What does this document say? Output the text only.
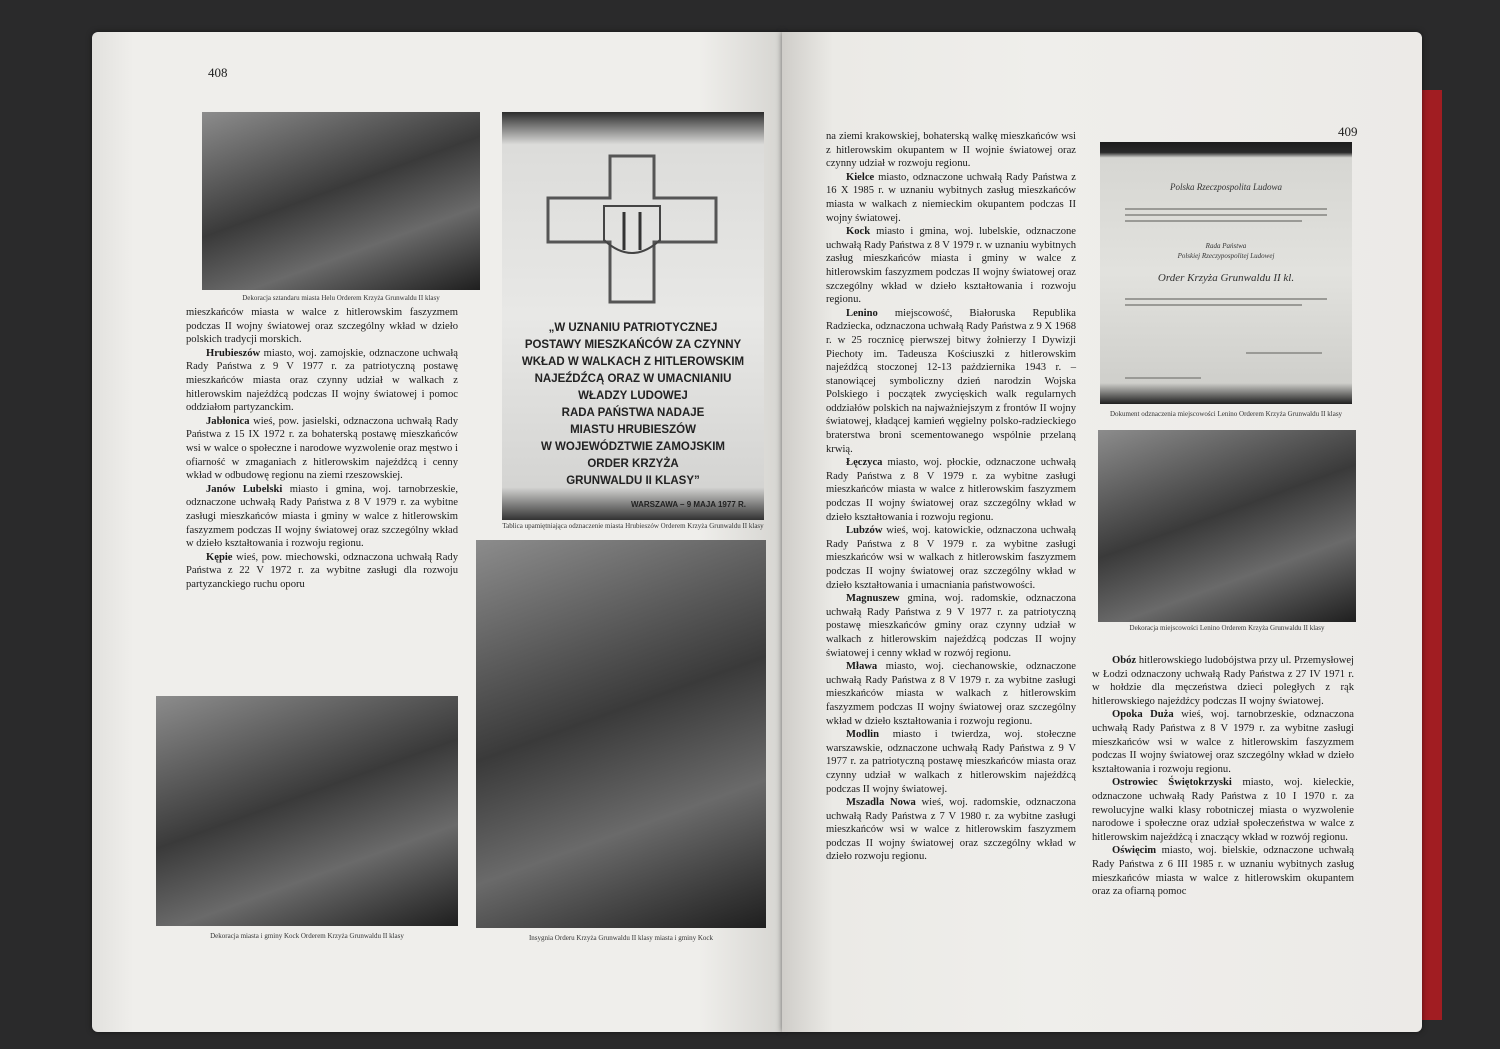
408
Dekoracja sztandaru miasta Helu Orderem Krzyża Grunwaldu II klasy
„W UZNANIU PATRIOTYCZNEJ
POSTAWY MIESZKAŃCÓW ZA CZYNNY
WKŁAD W WALKACH Z HITLEROWSKIM
NAJEŹDŹCĄ ORAZ W UMACNIANIU
WŁADZY LUDOWEJ
RADA PAŃSTWA NADAJE
MIASTU HRUBIESZÓW
W WOJEWÓDZTWIE ZAMOJSKIM
ORDER KRZYŻA
GRUNWALDU II KLASY”
WARSZAWA – 9 MAJA 1977 R.
Tablica upamiętniająca odznaczenie miasta Hrubieszów Orderem Krzyża Grunwaldu II klasy
Dekoracja miasta i gminy Kock Orderem Krzyża Grunwaldu II klasy	Insygnia Orderu Krzyża Grunwaldu II klasy miasta i gminy Kock

mieszkańców miasta w walce z hitlerowskim faszyzmem podczas II wojny światowej oraz szczególny wkład w dzieło polskich tradycji morskich.

Hrubieszów miasto, woj. zamojskie, odznaczone uchwałą Rady Państwa z 9 V 1977 r. za patriotyczną postawę mieszkańców miasta oraz czynny udział w walkach z hitlerowskim najeźdźcą podczas II wojny światowej i pomoc oddziałom partyzanckim.

Jabłonica wieś, pow. jasielski, odznaczona uchwałą Rady Państwa z 15 IX 1972 r. za bohaterską postawę mieszkańców wsi w walce o społeczne i narodowe wyzwolenie oraz męstwo i ofiarność w zmaganiach z hitlerowskim najeźdźcą i cenny wkład w odbudowę regionu na ziemi rzeszowskiej.

Janów Lubelski miasto i gmina, woj. tarnobrzeskie, odznaczone uchwałą Rady Państwa z 8 V 1979 r. za wybitne zasługi mieszkańców miasta i gminy w walce z hitlerowskim faszyzmem podczas II wojny światowej oraz szczególny wkład w dzieło kształtowania i rozwoju regionu.

Kępie wieś, pow. miechowski, odznaczona uchwałą Rady Państwa z 22 V 1972 r. za wybitne zasługi dla rozwoju partyzanckiego ruchu oporu

409

na ziemi krakowskiej, bohaterską walkę mieszkańców wsi z hitlerowskim okupantem w II wojnie światowej oraz czynny udział w rozwoju regionu.

Kielce miasto, odznaczone uchwałą Rady Państwa z 16 X 1985 r. w uznaniu wybitnych zasług mieszkańców miasta w walkach z niemieckim okupantem podczas II wojny światowej.

Kock miasto i gmina, woj. lubelskie, odznaczone uchwałą Rady Państwa z 8 V 1979 r. w uznaniu wybitnych zasług mieszkańców miasta i gminy w walce z hitlerowskim faszyzmem podczas II wojny światowej oraz szczególny wkład w dzieło kształtowania i rozwoju regionu.

Lenino miejscowość, Białoruska Republika Radziecka, odznaczona uchwałą Rady Państwa z 9 X 1968 r. w 25 rocznicę pierwszej bitwy żołnierzy I Dywizji Piechoty im. Tadeusza Kościuszki z hitlerowskim najeźdźcą stoczonej 12-13 października 1943 r. – stanowiącej symboliczny dzień narodzin Wojska Polskiego i początek zwycięskich walk regularnych oddziałów polskich na najważniejszym z frontów II wojny światowej, kładącej kamień węgielny polsko-radzieckiego braterstwa broni scementowanego wspólnie przelaną krwią.

Łęczyca miasto, woj. płockie, odznaczone uchwałą Rady Państwa z 8 V 1979 r. za wybitne zasługi mieszkańców miasta w walce z hitlerowskim faszyzmem podczas II wojny światowej oraz szczególny wkład w dzieło kształtowania i rozwoju regionu.

Lubzów wieś, woj. katowickie, odznaczona uchwałą Rady Państwa z 8 V 1979 r. za wybitne zasługi mieszkańców wsi w walkach z hitlerowskim faszyzmem podczas II wojny światowej oraz szczególny wkład w dzieło kształtowania i umacniania państwowości.

Magnuszew gmina, woj. radomskie, odznaczona uchwałą Rady Państwa z 9 V 1977 r. za patriotyczną postawę mieszkańców gminy oraz czynny udział w walkach z hitlerowskim najeźdźcą podczas II wojny światowej i cenny wkład w rozwój regionu.

Mława miasto, woj. ciechanowskie, odznaczone uchwałą Rady Państwa z 8 V 1979 r. za wybitne zasługi mieszkańców miasta w walkach z hitlerowskim faszyzmem podczas II wojny światowej oraz szczególny wkład w dzieło kształtowania i rozwoju regionu.

Modlin miasto i twierdza, woj. stołeczne warszawskie, odznaczone uchwałą Rady Państwa z 9 V 1977 r. za patriotyczną postawę mieszkańców miasta oraz czynny udział w walkach z hitlerowskim najeźdźcą podczas II wojny światowej.

Mszadla Nowa wieś, woj. radomskie, odznaczona uchwałą Rady Państwa z 7 V 1980 r. za wybitne zasługi mieszkańców wsi w walce z hitlerowskim faszyzmem podczas II wojny światowej oraz szczególny wkład w dzieło rozwoju regionu.

Polska Rzeczpospolita Ludowa
Rada Państwa
Polskiej Rzeczypospolitej Ludowej
Order Krzyża Grunwaldu II kl.
Dokument odznaczenia miejscowości Lenino Orderem Krzyża Grunwaldu II klasy
Dekoracja miejscowości Lenino Orderem Krzyża Grunwaldu II klasy

Obóz hitlerowskiego ludobójstwa przy ul. Przemysłowej w Łodzi odznaczony uchwałą Rady Państwa z 27 IV 1971 r. w hołdzie dla męczeństwa dzieci poległych z rąk hitlerowskiego najeźdźcy podczas II wojny światowej.

Opoka Duża wieś, woj. tarnobrzeskie, odznaczona uchwałą Rady Państwa z 8 V 1979 r. za wybitne zasługi mieszkańców wsi w walce z hitlerowskim faszyzmem podczas II wojny światowej oraz szczególny wkład w dzieło kształtowania i rozwoju regionu.

Ostrowiec Świętokrzyski miasto, woj. kieleckie, odznaczone uchwałą Rady Państwa z 10 I 1970 r. za rewolucyjne walki klasy robotniczej miasta o wyzwolenie narodowe i społeczne oraz udział społeczeństwa w walce z hitlerowskim najeźdźcą i znaczący wkład w rozwój regionu.

Oświęcim miasto, woj. bielskie, odznaczone uchwałą Rady Państwa z 6 III 1985 r. w uznaniu wybitnych zasług mieszkańców miasta w walce z hitlerowskim okupantem oraz za ofiarną pomoc
